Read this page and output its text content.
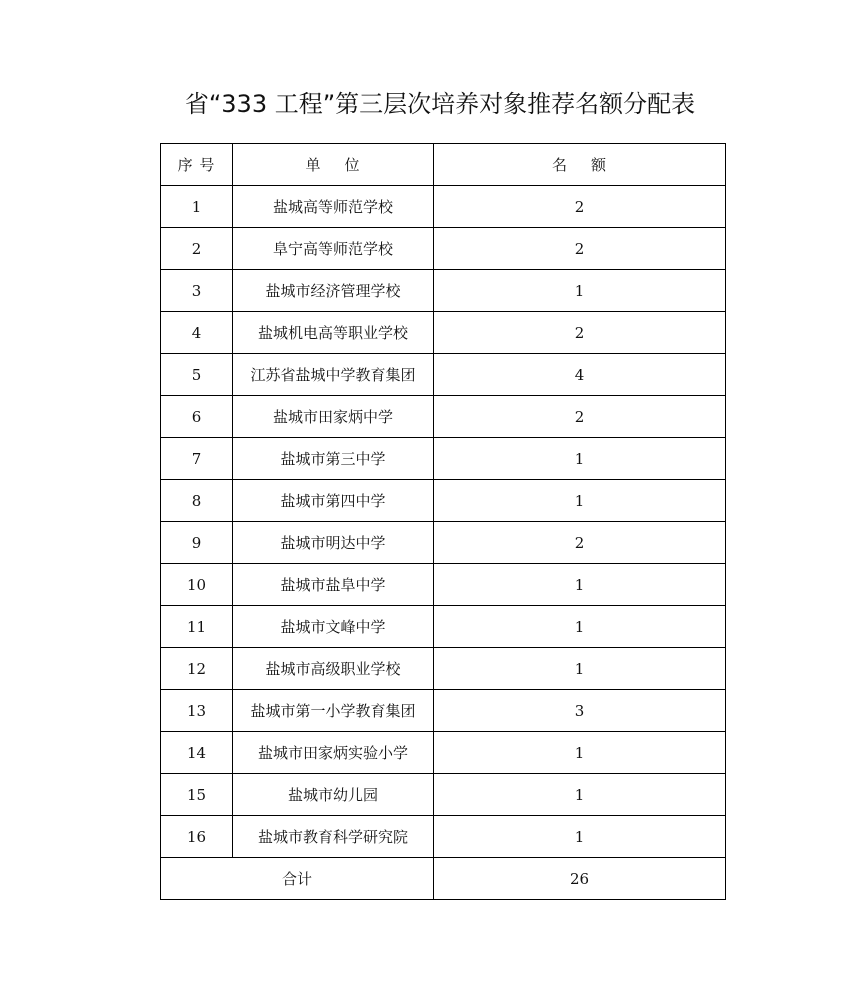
省“333 工程”第三层次培养对象推荐名额分配表
序 号	单    位	名    额
1	盐城高等师范学校	2
2	阜宁高等师范学校	2
3	盐城市经济管理学校	1
4	盐城机电高等职业学校	2
5	江苏省盐城中学教育集团	4
6	盐城市田家炳中学	2
7	盐城市第三中学	1
8	盐城市第四中学	1
9	盐城市明达中学	2
10	盐城市盐阜中学	1
11	盐城市文峰中学	1
12	盐城市高级职业学校	1
13	盐城市第一小学教育集团	3
14	盐城市田家炳实验小学	1
15	盐城市幼儿园	1
16	盐城市教育科学研究院	1
合计		26
